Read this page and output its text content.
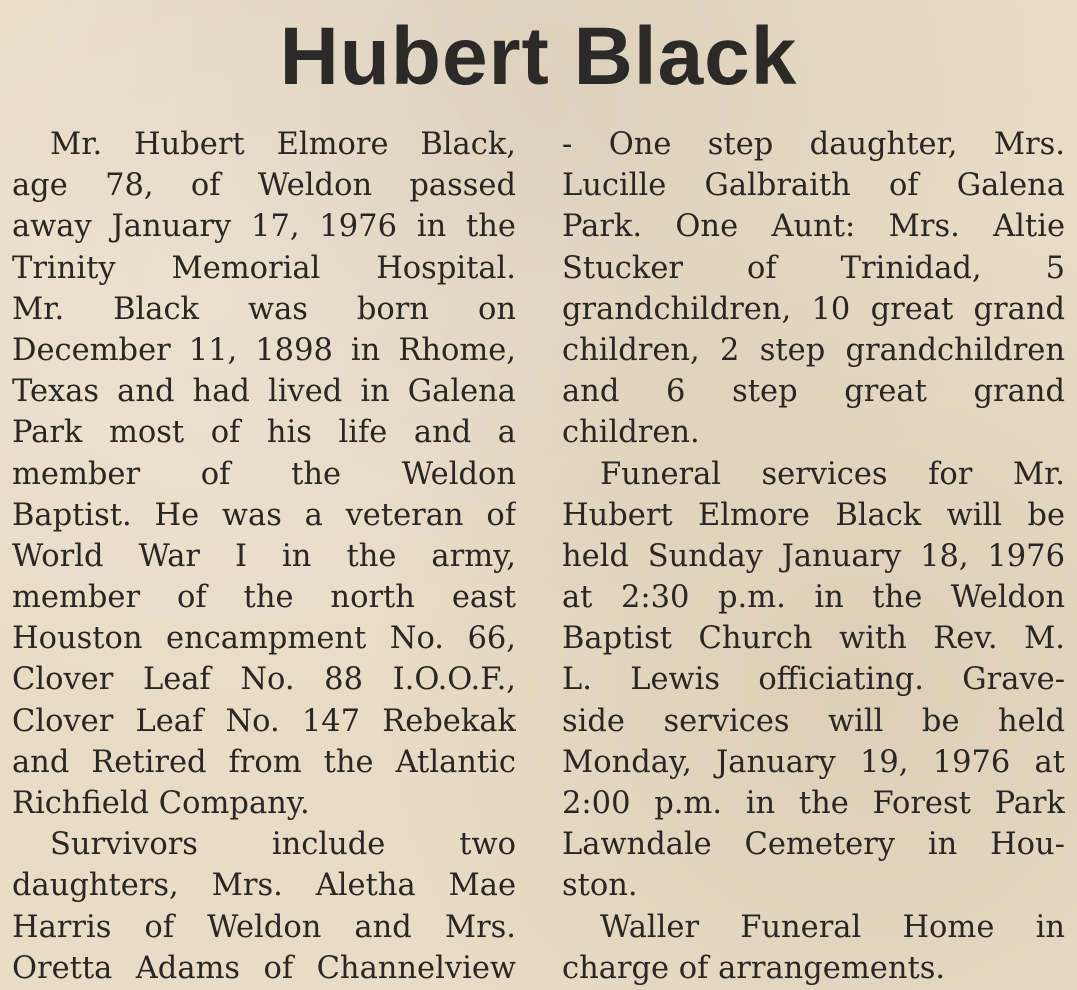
Hubert Black
Mr. Hubert Elmore Black,
age 78, of Weldon passed
away January 17, 1976 in the
Trinity Memorial Hospital.
Mr. Black was born on
December 11, 1898 in Rhome,
Texas and had lived in Galena
Park most of his life and a
member of the Weldon
Baptist. He was a veteran of
World War I in the army,
member of the north east
Houston encampment No. 66,
Clover Leaf No. 88 I.O.O.F.,
Clover Leaf No. 147 Rebekak
and Retired from the Atlantic
Richfield Company.
Survivors include two
daughters, Mrs. Aletha Mae
Harris of Weldon and Mrs.
Oretta Adams of Channelview
- One step daughter, Mrs.
Lucille Galbraith of Galena
Park. One Aunt: Mrs. Altie
Stucker of Trinidad, 5
grandchildren, 10 great grand
children, 2 step grandchildren
and 6 step great grand
children.
Funeral services for Mr.
Hubert Elmore Black will be
held Sunday January 18, 1976
at 2:30 p.m. in the Weldon
Baptist Church with Rev. M.
L. Lewis officiating. Grave-
side services will be held
Monday, January 19, 1976 at
2:00 p.m. in the Forest Park
Lawndale Cemetery in Hou-
ston.
Waller Funeral Home in
charge of arrangements.
